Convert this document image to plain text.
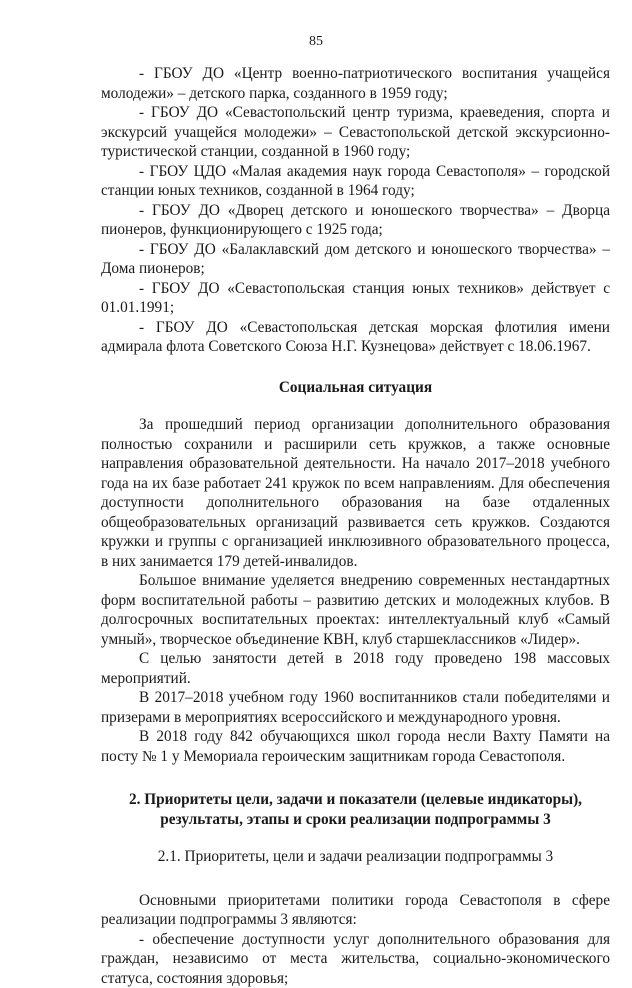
85

- ГБОУ ДО «Центр военно-патриотического воспитания учащейся молодежи» – детского парка, созданного в 1959 году;

- ГБОУ ДО «Севастопольский центр туризма, краеведения, спорта и экскурсий учащейся молодежи» – Севастопольской детской экскурсионно-туристической станции, созданной в 1960 году;

- ГБОУ ЦДО «Малая академия наук города Севастополя» – городской станции юных техников, созданной в 1964 году;

- ГБОУ ДО «Дворец детского и юношеского творчества» – Дворца пионеров, функционирующего с 1925 года;

- ГБОУ ДО «Балаклавский дом детского и юношеского творчества» – Дома пионеров;

- ГБОУ ДО «Севастопольская станция юных техников» действует с 01.01.1991;

- ГБОУ ДО «Севастопольская детская морская флотилия имени адмирала флота Советского Союза Н.Г. Кузнецова» действует с 18.06.1967.

Социальная ситуация

За прошедший период организации дополнительного образования полностью сохранили и расширили сеть кружков, а также основные направления образовательной деятельности. На начало 2017–2018 учебного года на их базе работает 241 кружок по всем направлениям. Для обеспечения доступности дополнительного образования на базе отдаленных общеобразовательных организаций развивается сеть кружков. Создаются кружки и группы с организацией инклюзивного образовательного процесса, в них занимается 179 детей-инвалидов.

Большое внимание уделяется внедрению современных нестандартных форм воспитательной работы – развитию детских и молодежных клубов. В долгосрочных воспитательных проектах: интеллектуальный клуб «Самый умный», творческое объединение КВН, клуб старшеклассников «Лидер».

С целью занятости детей в 2018 году проведено 198 массовых мероприятий.

В 2017–2018 учебном году 1960 воспитанников стали победителями и призерами в мероприятиях всероссийского и международного уровня.

В 2018 году 842 обучающихся школ города несли Вахту Памяти на посту № 1 у Мемориала героическим защитникам города Севастополя.

2. Приоритеты цели, задачи и показатели (целевые индикаторы), результаты, этапы и сроки реализации подпрограммы 3

2.1. Приоритеты, цели и задачи реализации подпрограммы 3

Основными приоритетами политики города Севастополя в сфере реализации подпрограммы 3 являются:

- обеспечение доступности услуг дополнительного образования для граждан, независимо от места жительства, социально-экономического статуса, состояния здоровья;
